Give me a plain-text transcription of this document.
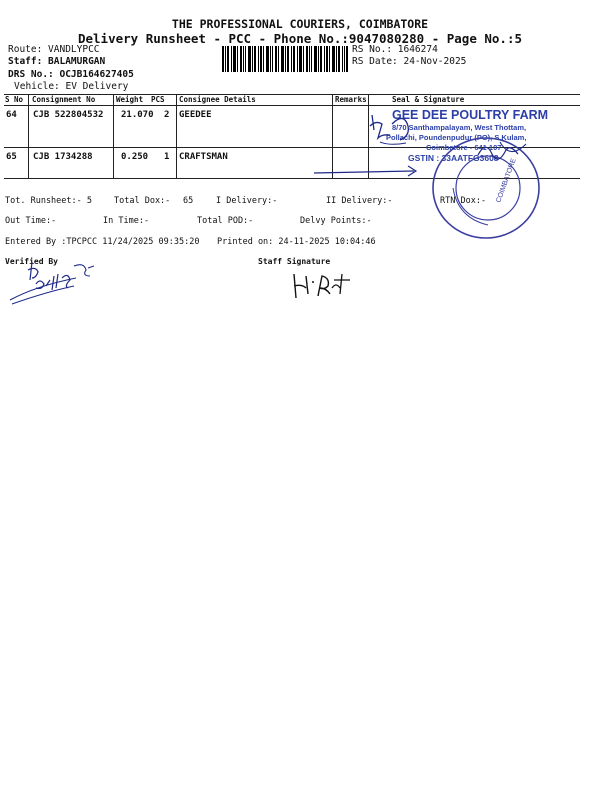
THE PROFESSIONAL COURIERS, COIMBATORE
Delivery Runsheet - PCC - Phone No.:9047080280 - Page No.:5
Route: VANDLYPCC
Staff: BALAMURGAN
DRS No.: OCJB164627405
Vehicle: EV Delivery
RS No.: 1646274
RS Date: 24-Nov-2025
S No Consignment No	Weight PCS Consignee Details	Remarks	Seal & Signature
64 CJB 522804532 21.070 2 GEEDEE
65 CJB 1734288	0.250 1 CRAFTSMAN
GEE DEE POULTRY FARM
8/70 Santhampalayam, West Thottam,
Pollachi, Poundenpudur (PO), S.Kulam,
Coimbatore - 641 107
GSTIN : 33AATFG3608
COIMBATORE
Tot. Runsheet:- 5	Total Dox:- 65	I Delivery:-	II Delivery:-	RTN Dox:-
Out Time:-	In Time:-	Total POD:-	Delvy Points:-
Entered By :TPCPCC 11/24/2025 09:35:20 Printed on: 24-11-2025 10:04:46
Verified By	Staff Signature
